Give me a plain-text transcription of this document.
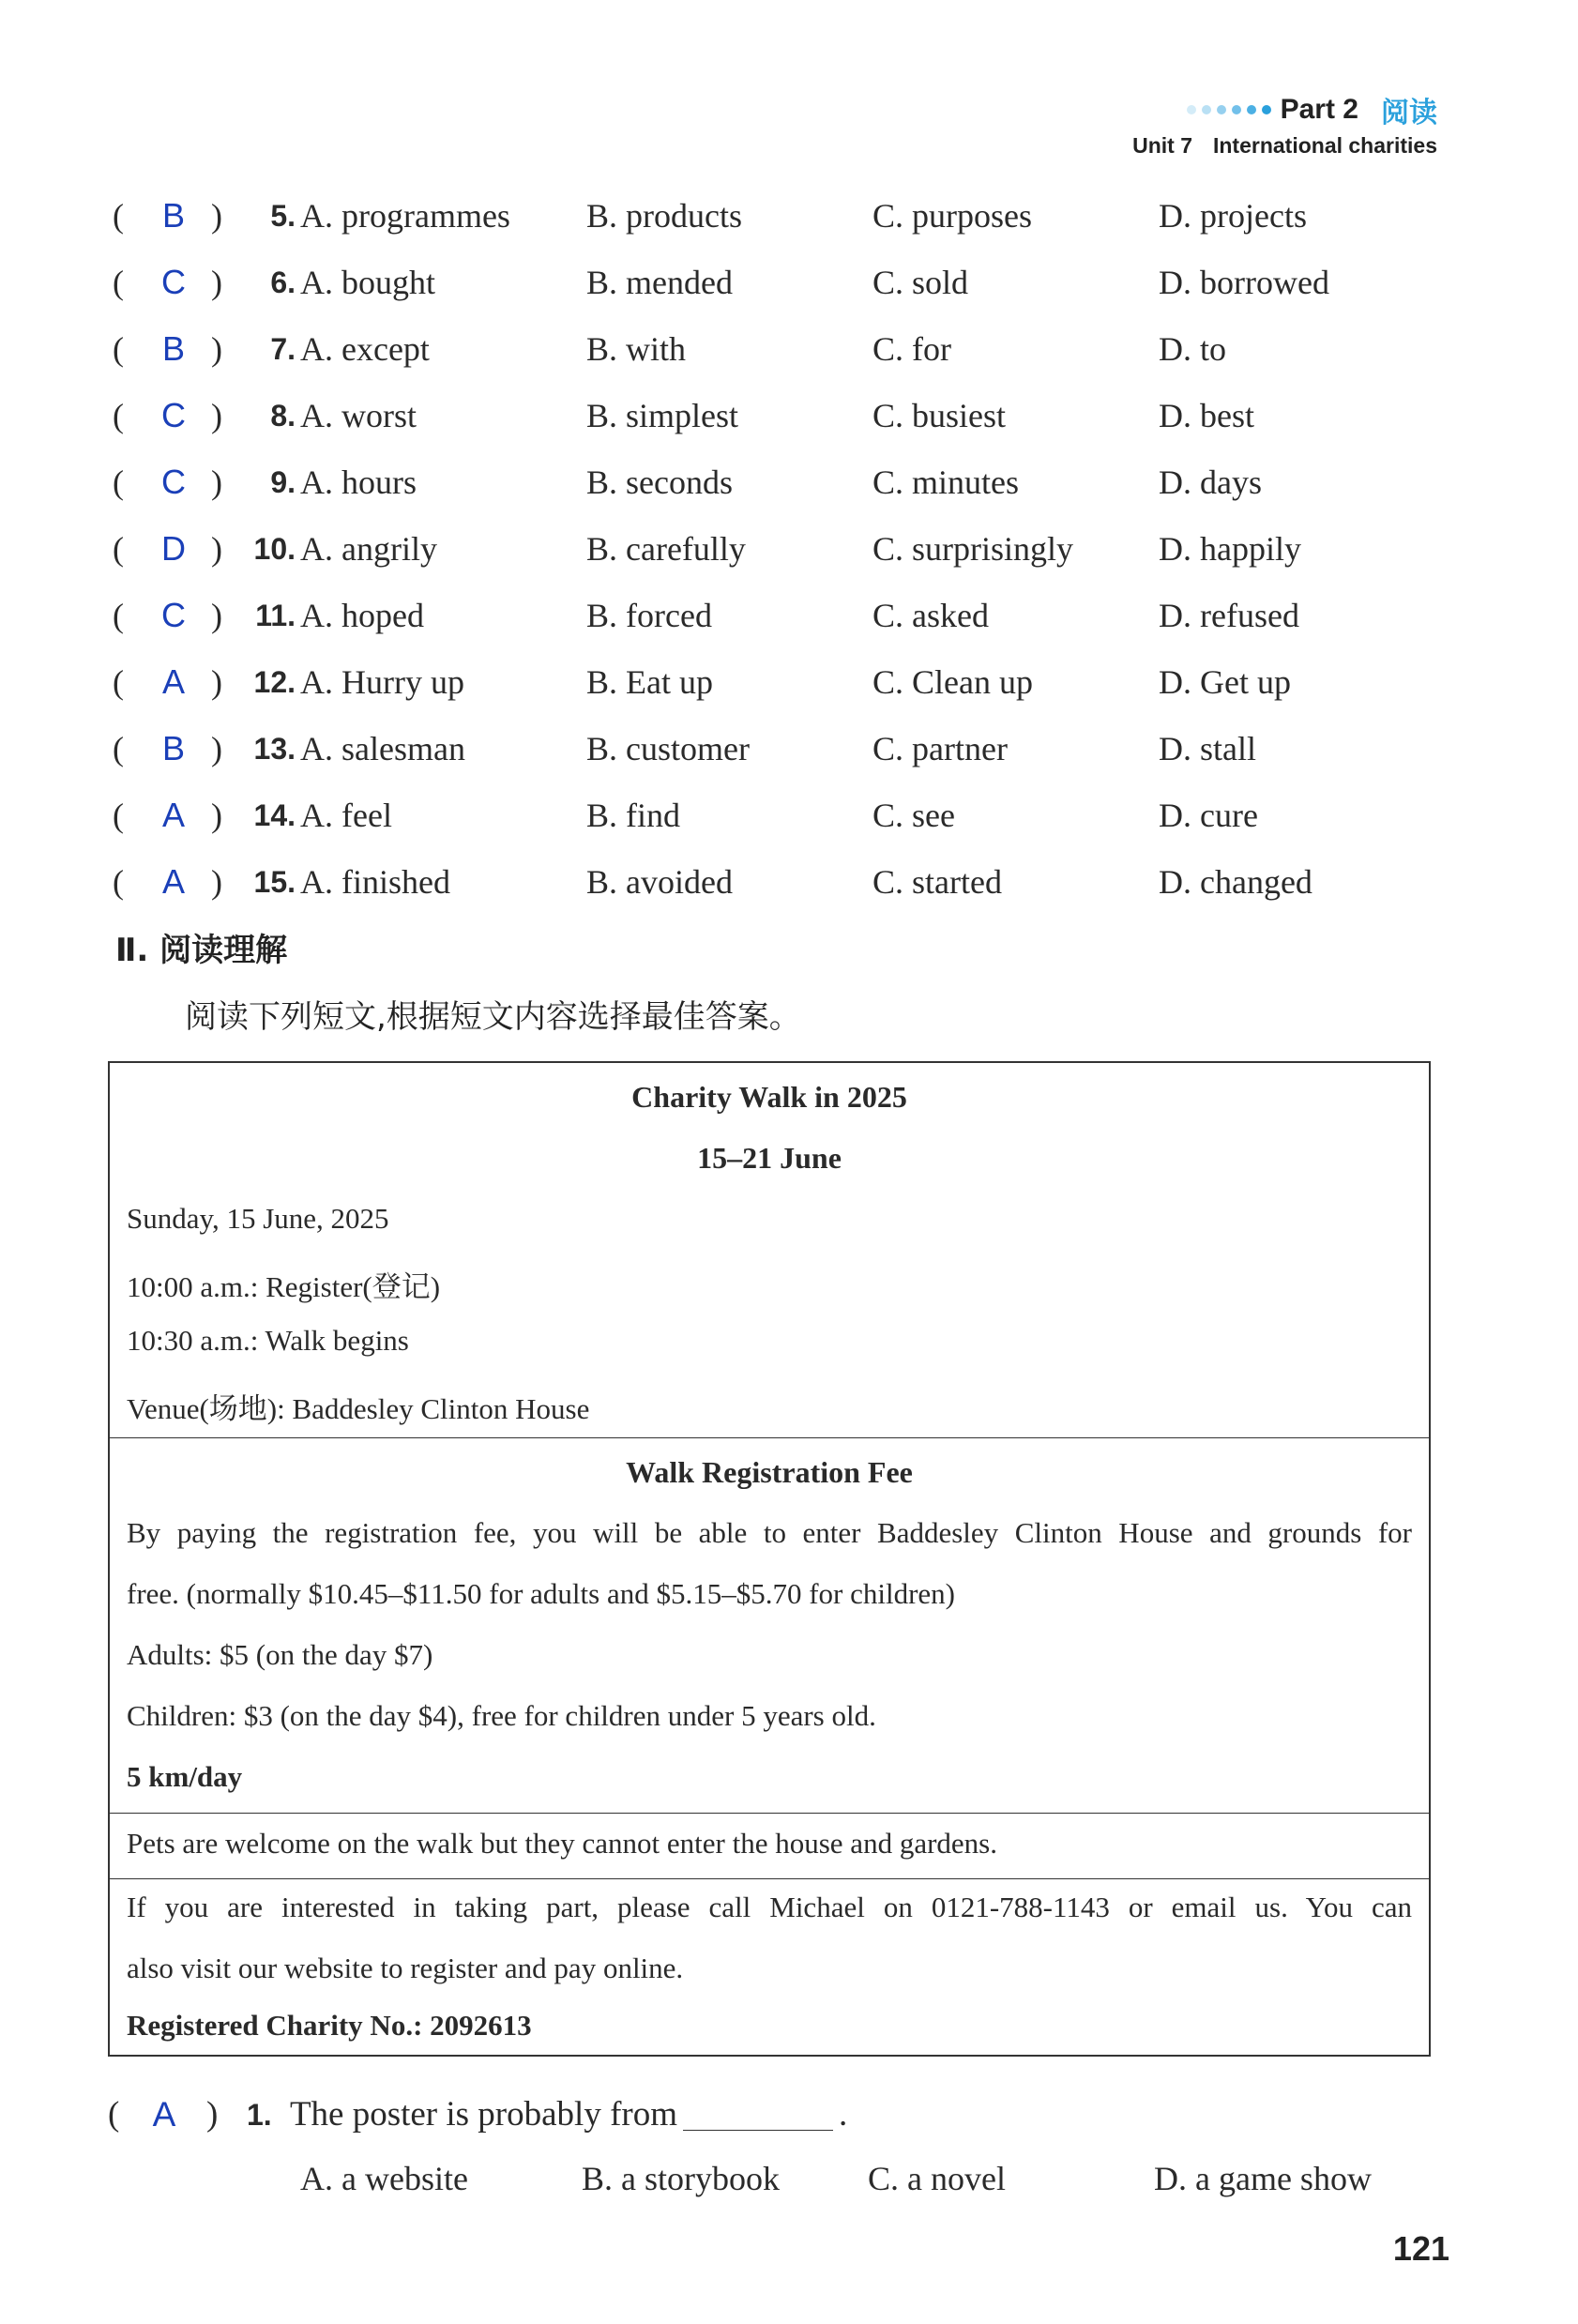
Part 2 阅读
Unit 7 International charities
( B )	5. A. programmes B. products	C. purposes	D. projects
( C )	6. A. bought	B. mended	C. sold	D. borrowed
( B )	7. A. except	B. with	C. for	D. to
( C )	8. A. worst	B. simplest	C. busiest	D. best
( C )	9. A. hours	B. seconds	C. minutes	D. days
( D )	10. A. angrily	B. carefully	C. surprisingly	D. happily
( C )	11. A. hoped	B. forced	C. asked	D. refused
( A )	12. A. Hurry up	B. Eat up	C. Clean up	D. Get up
( B )	13. A. salesman	B. customer	C. partner	D. stall
( A )	14. A. feel	B. find	C. see	D. cure
( A )	15. A. finished	B. avoided	C. started	D. changed
Ⅱ. 阅读理解
阅读下列短文,根据短文内容选择最佳答案。
Charity Walk in 2025
15–21 June
Sunday, 15 June, 2025
10:00 a.m.: Register(登记)
10:30 a.m.: Walk begins
Venue(场地): Baddesley Clinton House
Walk Registration Fee
By paying the registration fee, you will be able to enter Baddesley Clinton House and grounds for
free. (normally $10.45–$11.50 for adults and $5.15–$5.70 for children)
Adults: $5 (on the day $7)
Children: $3 (on the day $4), free for children under 5 years old.
5 km/day
Pets are welcome on the walk but they cannot enter the house and gardens.
If you are interested in taking part, please call Michael on 0121-788-1143 or email us. You can
also visit our website to register and pay online.
Registered Charity No.: 2092613
( A ) 1. The poster is probably from	.
A. a website	B. a storybook	C. a novel	D. a game show
121
